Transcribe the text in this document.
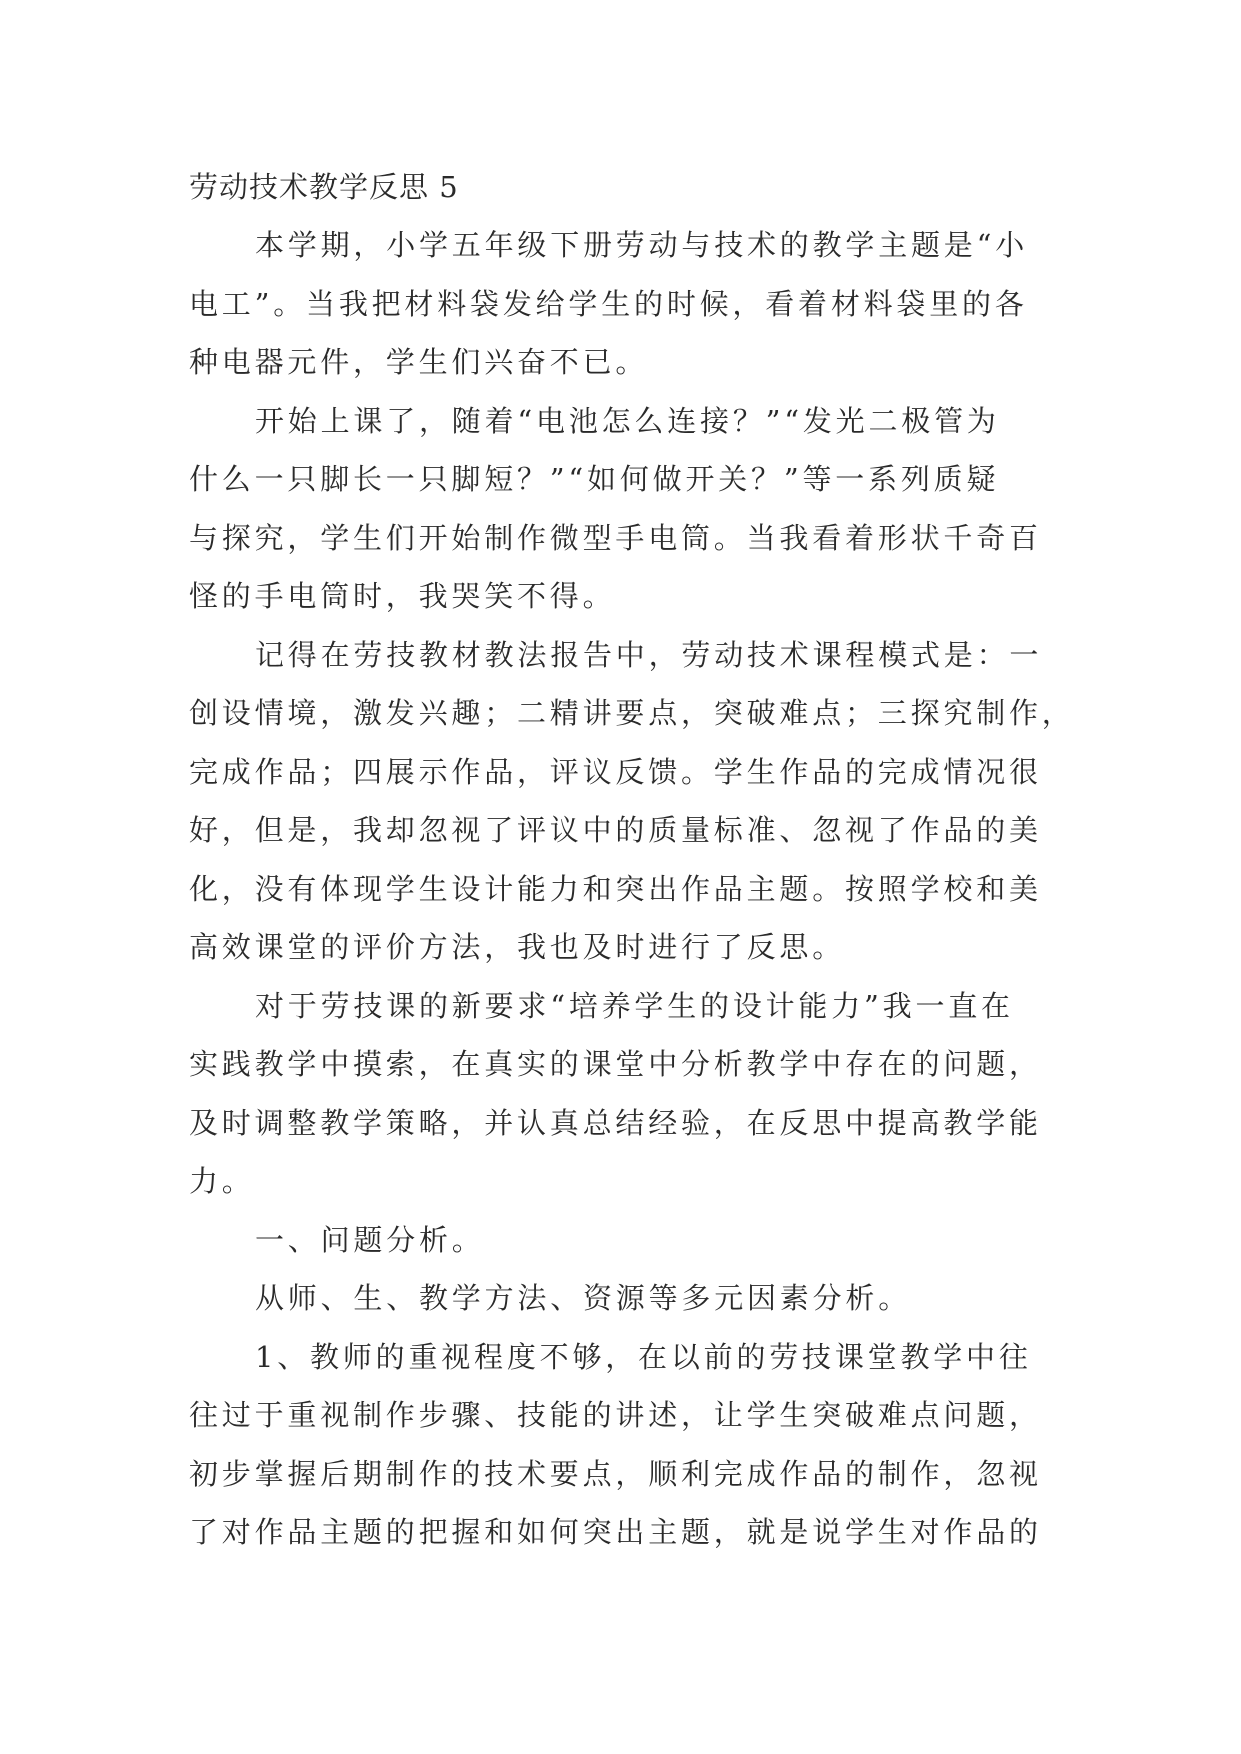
劳动技术教学反思 5
本学期，小学五年级下册劳动与技术的教学主题是“小
电工”。当我把材料袋发给学生的时候，看着材料袋里的各
种电器元件，学生们兴奋不已。
开始上课了，随着“电池怎么连接？”“发光二极管为
什么一只脚长一只脚短？”“如何做开关？”等一系列质疑
与探究，学生们开始制作微型手电筒。当我看着形状千奇百
怪的手电筒时，我哭笑不得。
记得在劳技教材教法报告中，劳动技术课程模式是：一
创设情境，激发兴趣；二精讲要点，突破难点；三探究制作，
完成作品；四展示作品，评议反馈。学生作品的完成情况很
好，但是，我却忽视了评议中的质量标准、忽视了作品的美
化，没有体现学生设计能力和突出作品主题。按照学校和美
高效课堂的评价方法，我也及时进行了反思。
对于劳技课的新要求“培养学生的设计能力”我一直在
实践教学中摸索，在真实的课堂中分析教学中存在的问题，
及时调整教学策略，并认真总结经验，在反思中提高教学能
力。
一、问题分析。
从师、生、教学方法、资源等多元因素分析。
1、教师的重视程度不够，在以前的劳技课堂教学中往
往过于重视制作步骤、技能的讲述，让学生突破难点问题，
初步掌握后期制作的技术要点，顺利完成作品的制作，忽视
了对作品主题的把握和如何突出主题，就是说学生对作品的
